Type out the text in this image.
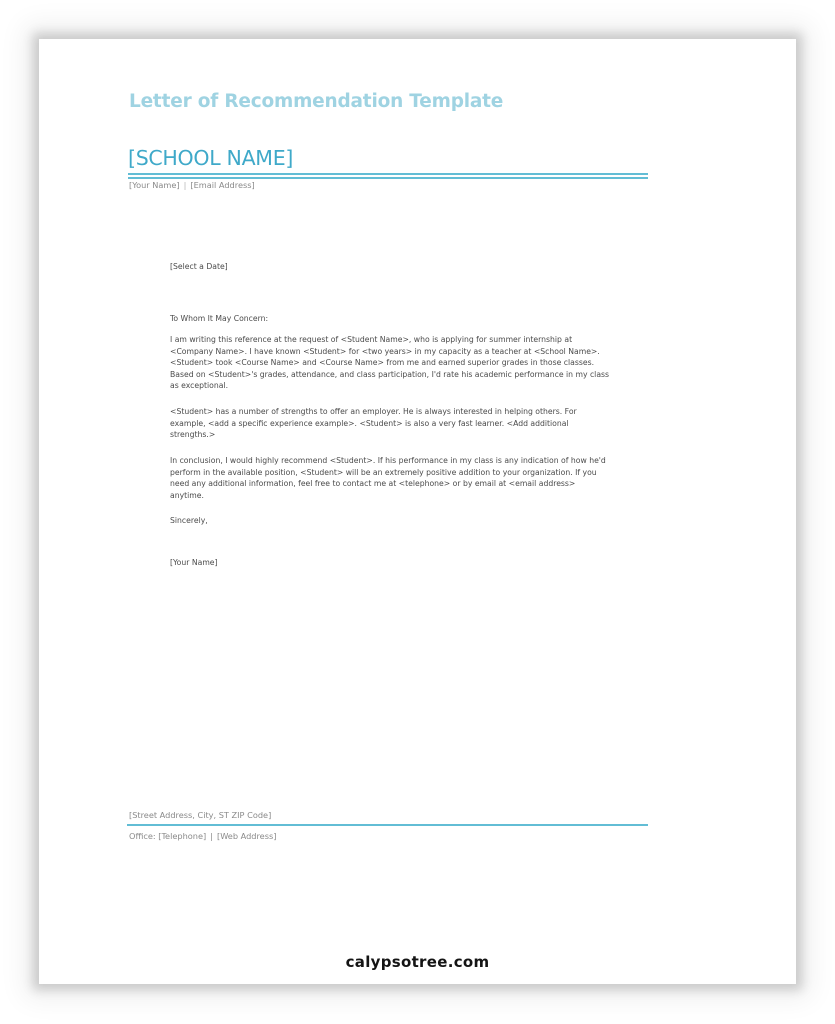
Letter of Recommendation Template
[SCHOOL NAME]
[Your Name] | [Email Address]
[Select a Date]
To Whom It May Concern:

I am writing this reference at the request of <Student Name>, who is applying for summer internship at <Company Name>. I have known <Student> for <two years> in my capacity as a teacher at <School Name>. <Student> took <Course Name> and <Course Name> from me and earned superior grades in those classes. Based on <Student>'s grades, attendance, and class participation, I'd rate his academic performance in my class as exceptional.

<Student> has a number of strengths to offer an employer. He is always interested in helping others. For example, <add a specific experience example>. <Student> is also a very fast learner. <Add additional strengths.>

In conclusion, I would highly recommend <Student>. If his performance in my class is any indication of how he'd perform in the available position, <Student> will be an extremely positive addition to your organization. If you need any additional information, feel free to contact me at <telephone> or by email at <email address> anytime.

Sincerely,
[Your Name]
[Street Address, City, ST ZIP Code]
Office: [Telephone] | [Web Address]
calypsotree.com
